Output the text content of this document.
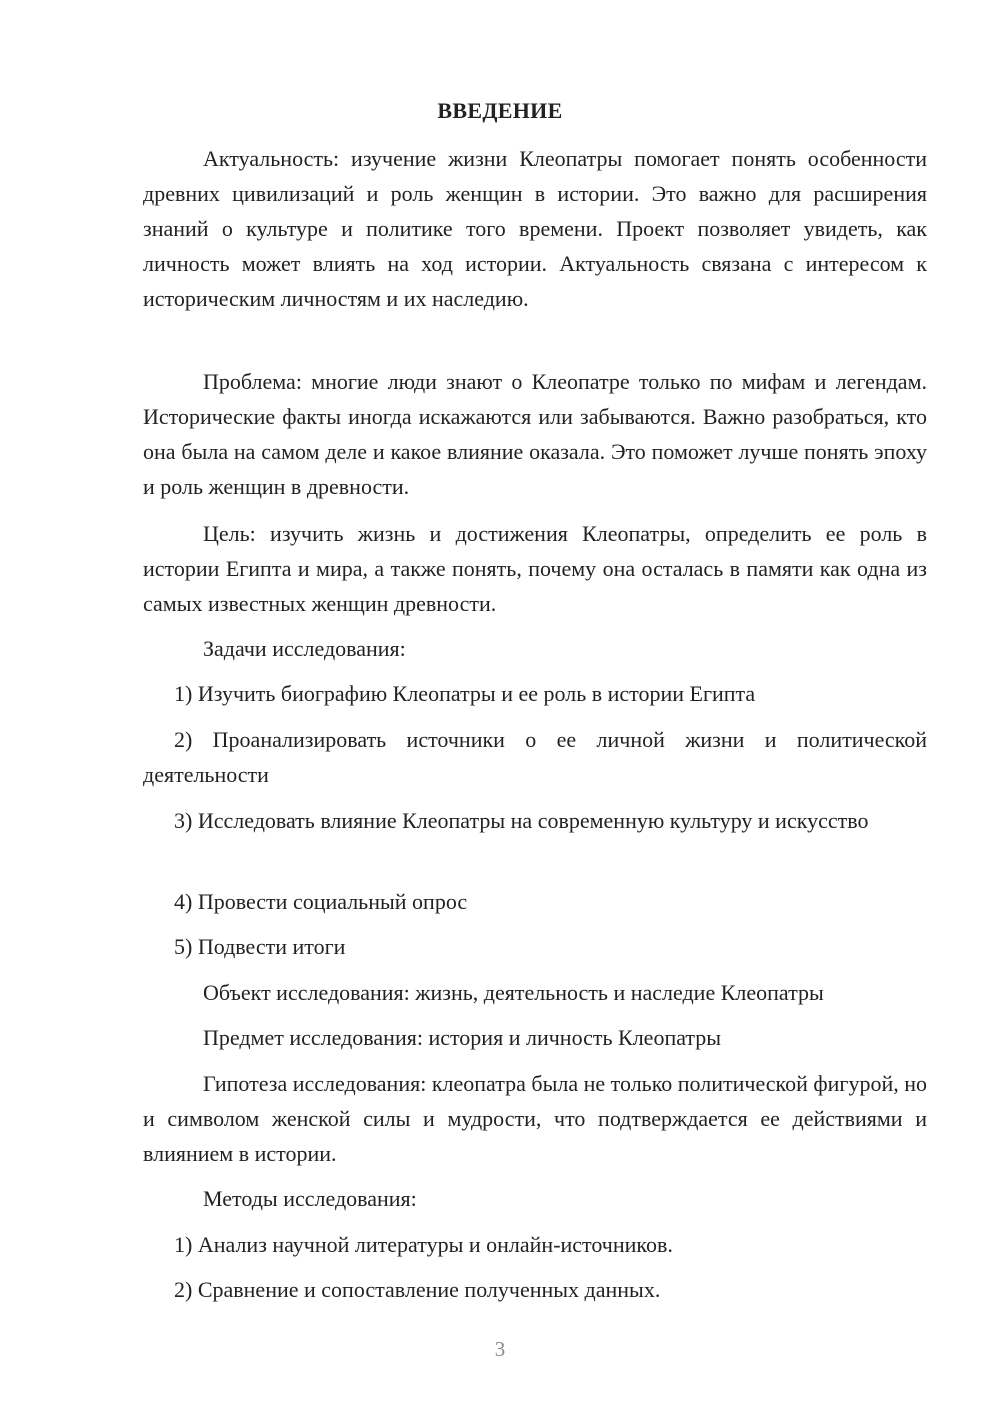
ВВЕДЕНИЕ

Актуальность: изучение жизни Клеопатры помогает понять особенности древних цивилизаций и роль женщин в истории. Это важно для расширения знаний о культуре и политике того времени. Проект позволяет увидеть, как личность может влиять на ход истории. Актуальность связана с интересом к историческим личностям и их наследию.

Проблема: многие люди знают о Клеопатре только по мифам и легендам. Исторические факты иногда искажаются или забываются. Важно разобраться, кто она была на самом деле и какое влияние оказала. Это поможет лучше понять эпоху и роль женщин в древности.

Цель: изучить жизнь и достижения Клеопатры, определить ее роль в истории Египта и мира, а также понять, почему она осталась в памяти как одна из самых известных женщин древности.

Задачи исследования:

1) Изучить биографию Клеопатры и ее роль в истории Египта

2) Проанализировать источники о ее личной жизни и политической деятельности

3) Исследовать влияние Клеопатры на современную культуру и искусство

4) Провести социальный опрос

5) Подвести итоги

Объект исследования: жизнь, деятельность и наследие Клеопатры

Предмет исследования: история и личность Клеопатры

Гипотеза исследования: клеопатра была не только политической фигурой, но и символом женской силы и мудрости, что подтверждается ее действиями и влиянием в истории.

Методы исследования:

1) Анализ научной литературы и онлайн-источников.

2) Сравнение и сопоставление полученных данных.

3
